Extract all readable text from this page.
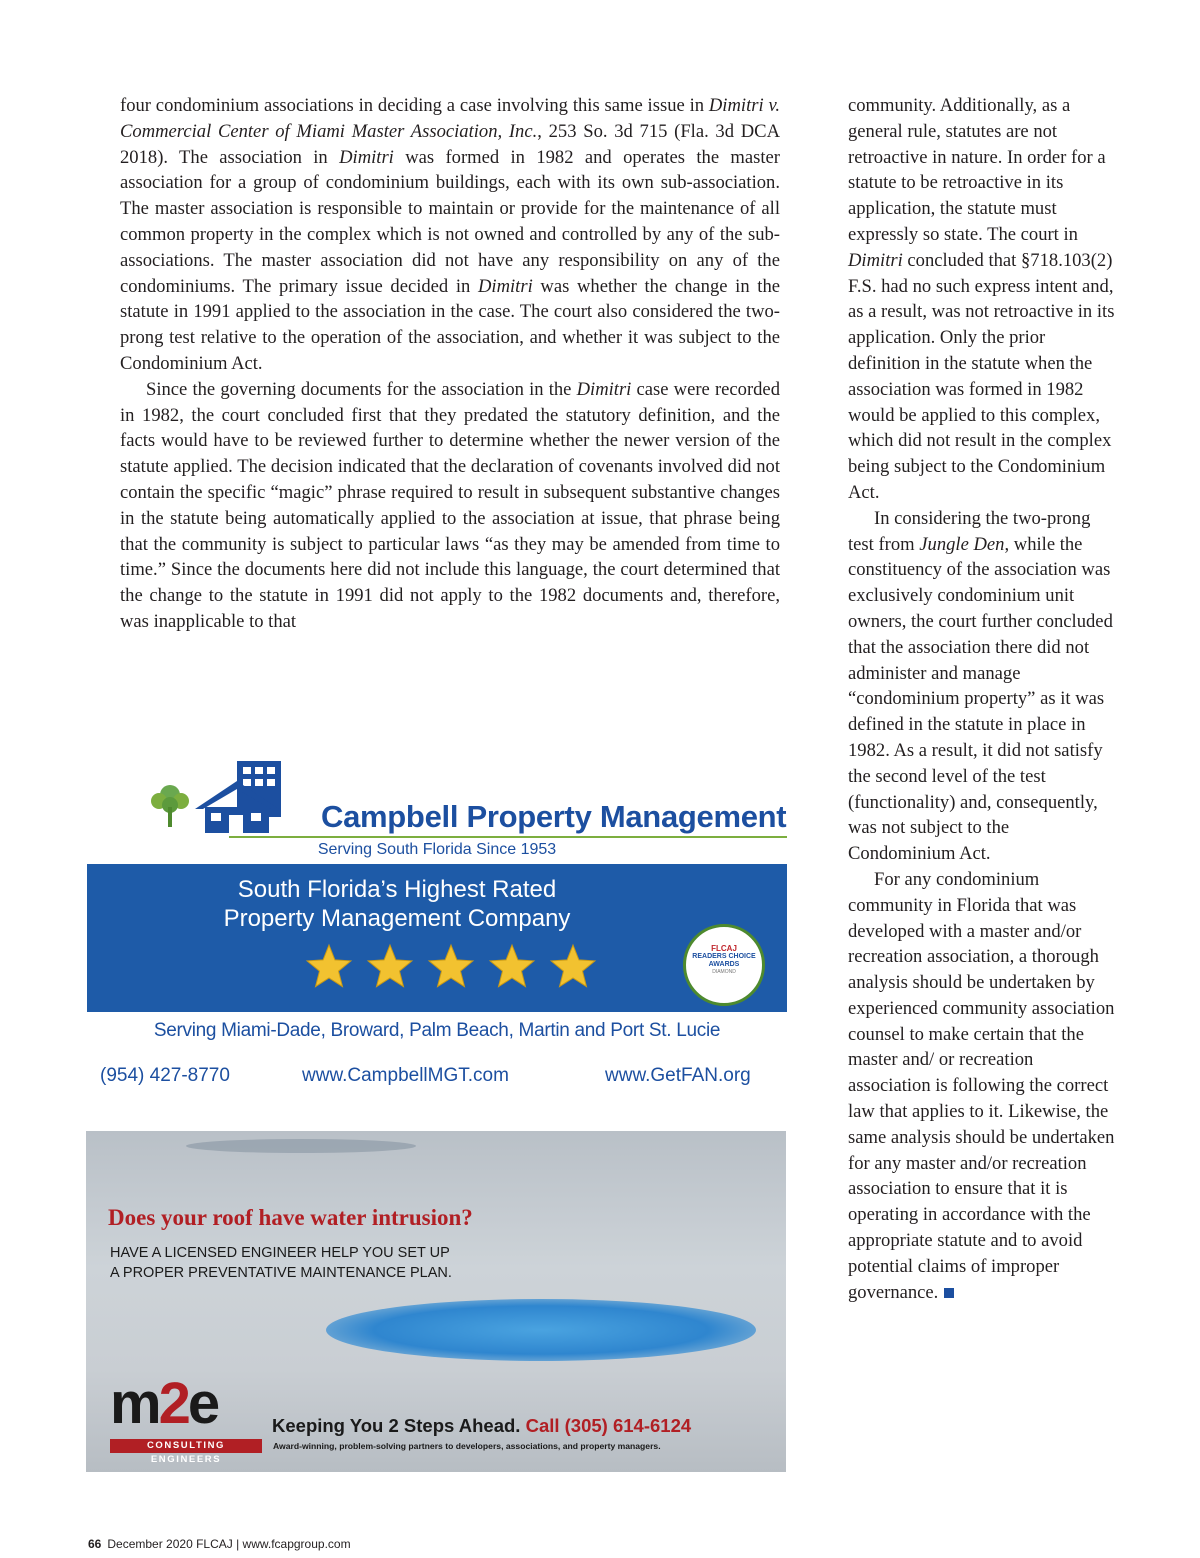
four condominium associations in deciding a case involving this same issue in Dimitri v. Commercial Center of Miami Master Association, Inc., 253 So. 3d 715 (Fla. 3d DCA 2018). The association in Dimitri was formed in 1982 and operates the master association for a group of condominium buildings, each with its own sub-association. The master association is responsible to maintain or provide for the maintenance of all common property in the complex which is not owned and controlled by any of the sub-associations. The master association did not have any responsibility on any of the condominiums. The primary issue decided in Dimitri was whether the change in the statute in 1991 applied to the association in the case. The court also considered the two-prong test relative to the operation of the association, and whether it was subject to the Condominium Act.

Since the governing documents for the association in the Dimitri case were recorded in 1982, the court concluded first that they predated the statutory definition, and the facts would have to be reviewed further to determine whether the newer version of the statute applied. The decision indicated that the declaration of covenants involved did not contain the specific “magic” phrase required to result in subsequent substantive changes in the statute being automatically applied to the association at issue, that phrase being that the community is subject to particular laws “as they may be amended from time to time.” Since the documents here did not include this language, the court determined that the change to the statute in 1991 did not apply to the 1982 documents and, therefore, was inapplicable to that

community. Additionally, as a general rule, statutes are not retroactive in nature. In order for a statute to be retroactive in its application, the statute must expressly so state. The court in Dimitri concluded that §718.103(2) F.S. had no such express intent and, as a result, was not retroactive in its application. Only the prior definition in the statute when the association was formed in 1982 would be applied to this complex, which did not result in the complex being subject to the Condominium Act.

In considering the two-prong test from Jungle Den, while the constituency of the association was exclusively condominium unit owners, the court further concluded that the association there did not administer and manage “condominium property” as it was defined in the statute in place in 1982. As a result, it did not satisfy the second level of the test (functionality) and, consequently, was not subject to the Condominium Act.

For any condominium community in Florida that was developed with a master and/or recreation association, a thorough analysis should be undertaken by experienced community association counsel to make certain that the master and/ or recreation association is following the correct law that applies to it. Likewise, the same analysis should be undertaken for any master and/or recreation association to ensure that it is operating in accordance with the appropriate statute and to avoid potential claims of improper governance.

Campbell Property Management
Serving South Florida Since 1953
South Florida’s Highest Rated
Property Management Company
FLCAJ
READERS CHOICE AWARDS
DIAMOND
Serving Miami-Dade, Broward, Palm Beach, Martin and Port St. Lucie
(954) 427-8770	www.CampbellMGT.com	www.GetFAN.org
Does your roof have water intrusion?
HAVE A LICENSED ENGINEER HELP YOU SET UP
A PROPER PREVENTATIVE MAINTENANCE PLAN.
m2e
CONSULTING ENGINEERS
Keeping You 2 Steps Ahead. Call (305) 614-6124
Award-winning, problem-solving partners to developers, associations, and property managers.
66 December 2020 FLCAJ | www.fcapgroup.com
